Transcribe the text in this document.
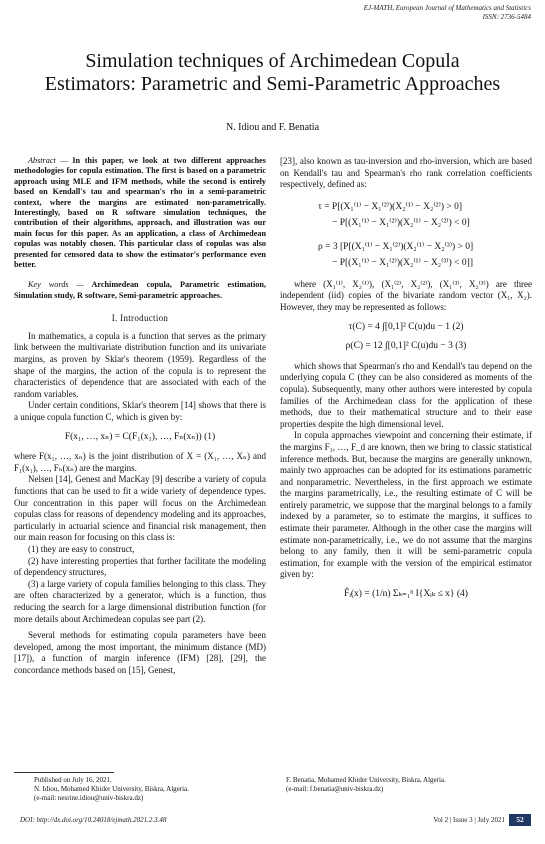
EJ-MATH, European Journal of Mathematics and Statistics
ISSN: 2736-5484
Simulation techniques of Archimedean Copula
Estimators: Parametric and Semi-Parametric Approaches
N. Idiou and F. Benatia

Abstract — In this paper, we look at two different approaches methodologies for copula estimation. The first is based on a parametric approach using MLE and IFM methods, while the second is entirely based on Kendall's tau and spearman's rho in a semi-parametric context, where the margins are estimated non-parametrically. Interestingly, based on R software simulation techniques, the contribution of their algorithms, approach, and illustration was our main focus for this paper. As an application, a class of Archimedean copulas was notably chosen. This particular class of copulas was also presented for censored data to show the estimator's performance even better.

Key words — Archimedean copula, Parametric estimation, Simulation study, R software, Semi-parametric approaches.

I. Introduction

In mathematics, a copula is a function that serves as the primary link between the multivariate distribution function and its univariate margins, as proven by Sklar's theorem (1959). Regardless of the shape of the margins, the action of the copula is to represent the characteristics of dependence that are associated with each of the random variables.

Under certain conditions, Sklar's theorem [14] shows that there is a unique copula function C, which is given by:

F(x₁, …, xₙ) = C(F₁(x₁), …, Fₙ(xₙ)) (1)

where F(x₁, …, xₙ) is the joint distribution of X = (X₁, …, Xₙ) and F₁(x₁), …, Fₙ(xₙ) are the margins.

Nelsen [14], Genest and MacKay [9] describe a variety of copula functions that can be used to fit a wide variety of dependence types. Our concentration in this paper will focus on the Archimedean copulas class for reasons of dependency modeling and its approaches, particularly in actuarial science and financial risk management, then our main reason for focusing on this class is:

(1) they are easy to construct,

(2) have interesting properties that further facilitate the modeling of dependency structures,

(3) a large variety of copula families belonging to this class. They are often characterized by a generator, which is a function, thus reducing the search for a large dimensional distribution function (for more details about Archimedean copulas see part (2).

Several methods for estimating copula parameters have been developed, among the most important, the minimum distance (MD) [17]), a function of margin inference (IFM) [28], [29], the concordance methods based on [15], Genest,

[23], also known as tau-inversion and rho-inversion, which are based on Kendall's tau and Spearman's rho rank correlation coefficients respectively, defined as:

τ = P[(X₁⁽¹⁾ − X₁⁽²⁾)(X₂⁽¹⁾ − X₂⁽²⁾) > 0]
− P[(X₁⁽¹⁾ − X₁⁽²⁾)(X₂⁽¹⁾ − X₂⁽²⁾) < 0]
ρ = 3 [P[(X₁⁽¹⁾ − X₁⁽²⁾)(X₂⁽¹⁾ − X₂⁽³⁾) > 0]
− P[(X₁⁽¹⁾ − X₁⁽²⁾)(X₂⁽¹⁾ − X₂⁽³⁾) < 0]]

where (X₁⁽¹⁾, X₂⁽¹⁾), (X₁⁽²⁾, X₂⁽²⁾), (X₁⁽³⁾, X₂⁽³⁾) are three independent (iid) copies of the bivariate random vector (X₁, X₂). However, they may be represented as follows:

τ(C) = 4 ∫[0,1]² C(u)du − 1 (2)

ρ(C) = 12 ∫[0,1]² C(u)du − 3 (3)

which shows that Spearman's rho and Kendall's tau depend on the underlying copula C (they can be also considered as moments of the copula). Subsequently, many other authors were interested by copula families of the Archimedean class for the application of these methods, due to their mathematical structure and to their ease properties despite the high dimensional level.

In copula approaches viewpoint and concerning their estimate, if the margins F₁, …, F_d are known, then we bring to classic statistical inference methods. But, because the margins are generally unknown, mainly two approaches can be adopted for its estimations parametric and nonparametric. Nevertheless, in the first approach we estimate the margins parametrically, i.e., the resulting estimate of C will be entirely parametric, we suppose that the marginal belongs to a family indexed by a parameter, so to estimate the margins, it suffices to estimate their parameter. Although in the other case the margins will estimate non-parametrically, i.e., we do not assume that the margins belong to any family, then it will be semi-parametric copula estimation, for example with the version of the empirical estimator given by:

F̂ᵢ(x) = (1/n) Σₖ₌₁ⁿ I{Xᵢₖ ≤ x} (4)

Published on July 16, 2021.
N. Idiou, Mohamed Khider University, Biskra, Algeria.
(e-mail: nesrine.idiou@univ-biskra.dz)
F. Benatia, Mohamed Khider University, Biskra, Algeria.
(e-mail: f.benatia@univ-biskra.dz)
DOI: http://dx.doi.org/10.24018/ejmath.2021.2.3.48	Vol 2 | Issue 3 | July 2021	52
